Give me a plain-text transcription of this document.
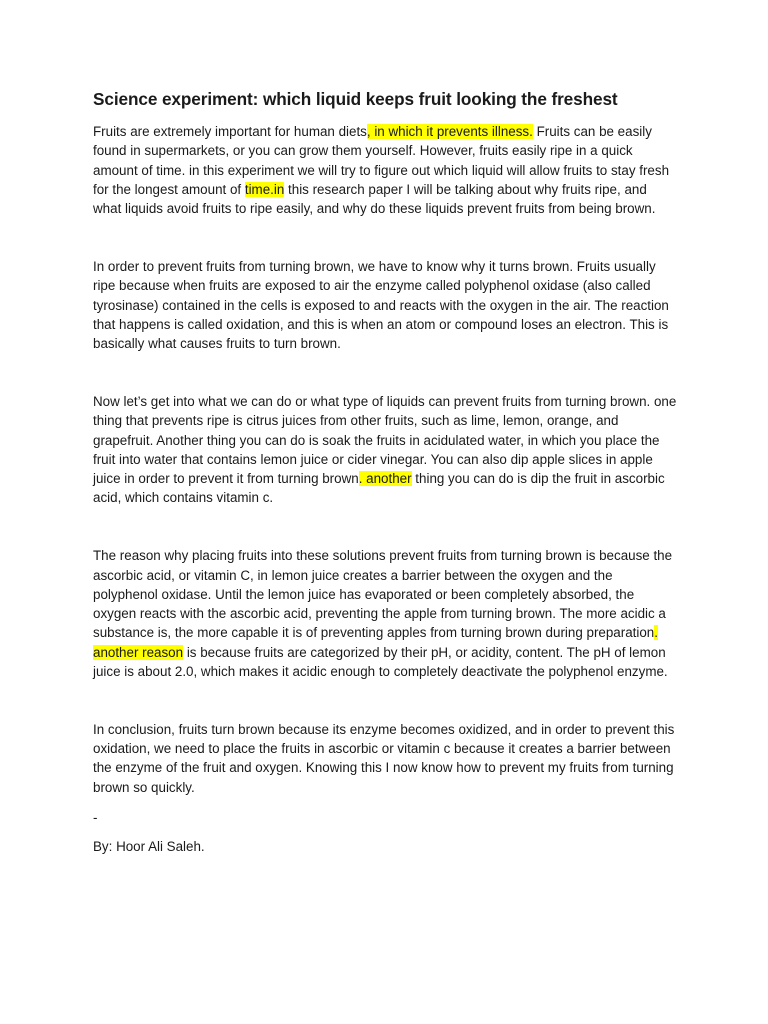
Science experiment: which liquid keeps fruit looking the freshest

Fruits are extremely important for human diets, in which it prevents illness. Fruits can be easily found in supermarkets, or you can grow them yourself. However, fruits easily ripe in a quick amount of time. in this experiment we will try to figure out which liquid will allow fruits to stay fresh for the longest amount of time.in this research paper I will be talking about why fruits ripe, and what liquids avoid fruits to ripe easily, and why do these liquids prevent fruits from being brown.

In order to prevent fruits from turning brown, we have to know why it turns brown. Fruits usually ripe because when fruits are exposed to air the enzyme called polyphenol oxidase (also called tyrosinase) contained in the cells is exposed to and reacts with the oxygen in the air. The reaction that happens is called oxidation, and this is when an atom or compound loses an electron. This is basically what causes fruits to turn brown.

Now let’s get into what we can do or what type of liquids can prevent fruits from turning brown. one thing that prevents ripe is citrus juices from other fruits, such as lime, lemon, orange, and grapefruit. Another thing you can do is soak the fruits in acidulated water, in which you place the fruit into water that contains lemon juice or cider vinegar. You can also dip apple slices in apple juice in order to prevent it from turning brown. another thing you can do is dip the fruit in ascorbic acid, which contains vitamin c.

The reason why placing fruits into these solutions prevent fruits from turning brown is because the ascorbic acid, or vitamin C, in lemon juice creates a barrier between the oxygen and the polyphenol oxidase. Until the lemon juice has evaporated or been completely absorbed, the oxygen reacts with the ascorbic acid, preventing the apple from turning brown. The more acidic a substance is, the more capable it is of preventing apples from turning brown during preparation. another reason is because fruits are categorized by their pH, or acidity, content. The pH of lemon juice is about 2.0, which makes it acidic enough to completely deactivate the polyphenol enzyme.

In conclusion, fruits turn brown because its enzyme becomes oxidized, and in order to prevent this oxidation, we need to place the fruits in ascorbic or vitamin c because it creates a barrier between the enzyme of the fruit and oxygen. Knowing this I now know how to prevent my fruits from turning brown so quickly.

-

By: Hoor Ali Saleh.
